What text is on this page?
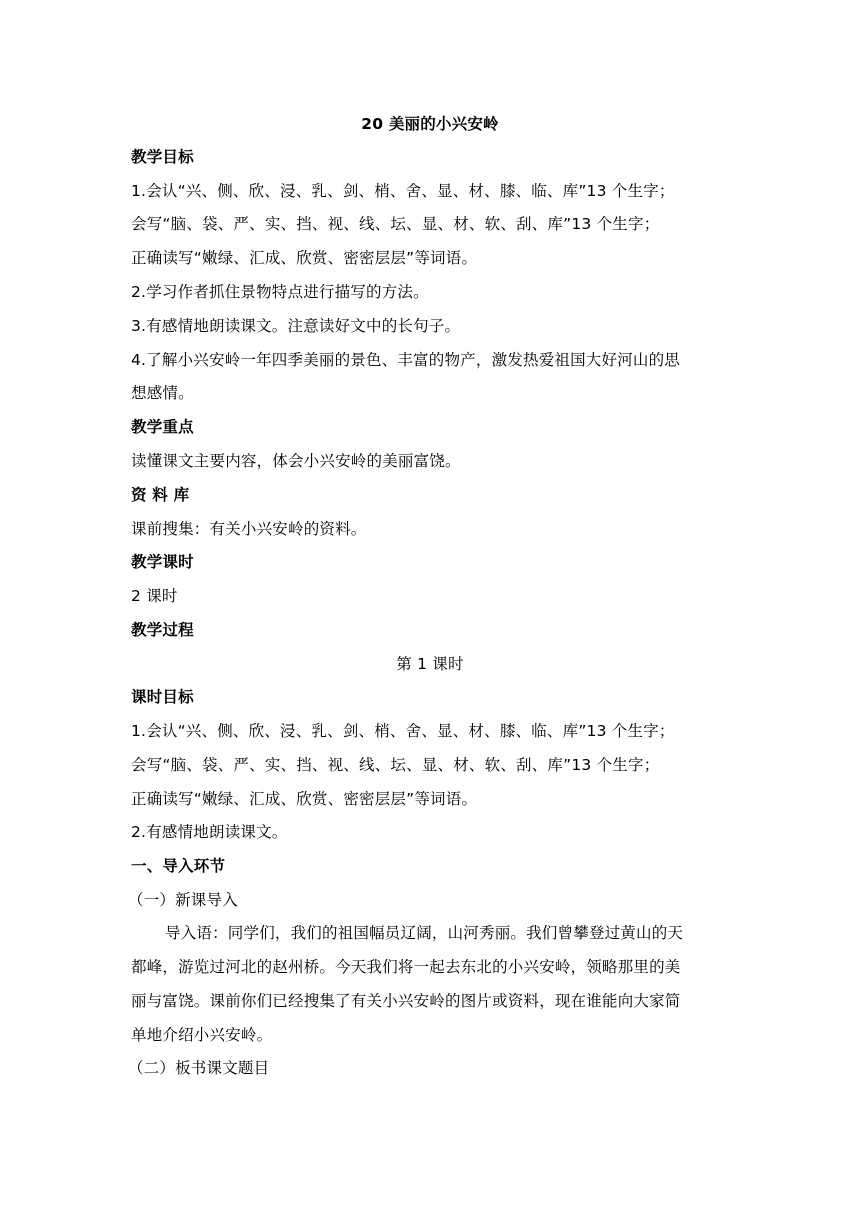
20 美丽的小兴安岭
教学目标
1.会认“兴、侧、欣、浸、乳、剑、梢、舍、显、材、膝、临、库”13 个生字；
会写“脑、袋、严、实、挡、视、线、坛、显、材、软、刮、库”13 个生字；
正确读写“嫩绿、汇成、欣赏、密密层层”等词语。
2.学习作者抓住景物特点进行描写的方法。
3.有感情地朗读课文。注意读好文中的长句子。
4.了解小兴安岭一年四季美丽的景色、丰富的物产，激发热爱祖国大好河山的思
想感情。
教学重点
读懂课文主要内容，体会小兴安岭的美丽富饶。
资 料 库
课前搜集：有关小兴安岭的资料。
教学课时
2 课时
教学过程
第 1 课时
课时目标
1.会认“兴、侧、欣、浸、乳、剑、梢、舍、显、材、膝、临、库”13 个生字；
会写“脑、袋、严、实、挡、视、线、坛、显、材、软、刮、库”13 个生字；
正确读写“嫩绿、汇成、欣赏、密密层层”等词语。
2.有感情地朗读课文。
一、导入环节
（一）新课导入
导入语：同学们，我们的祖国幅员辽阔，山河秀丽。我们曾攀登过黄山的天
都峰，游览过河北的赵州桥。今天我们将一起去东北的小兴安岭，领略那里的美
丽与富饶。课前你们已经搜集了有关小兴安岭的图片或资料，现在谁能向大家简
单地介绍小兴安岭。
（二）板书课文题目
